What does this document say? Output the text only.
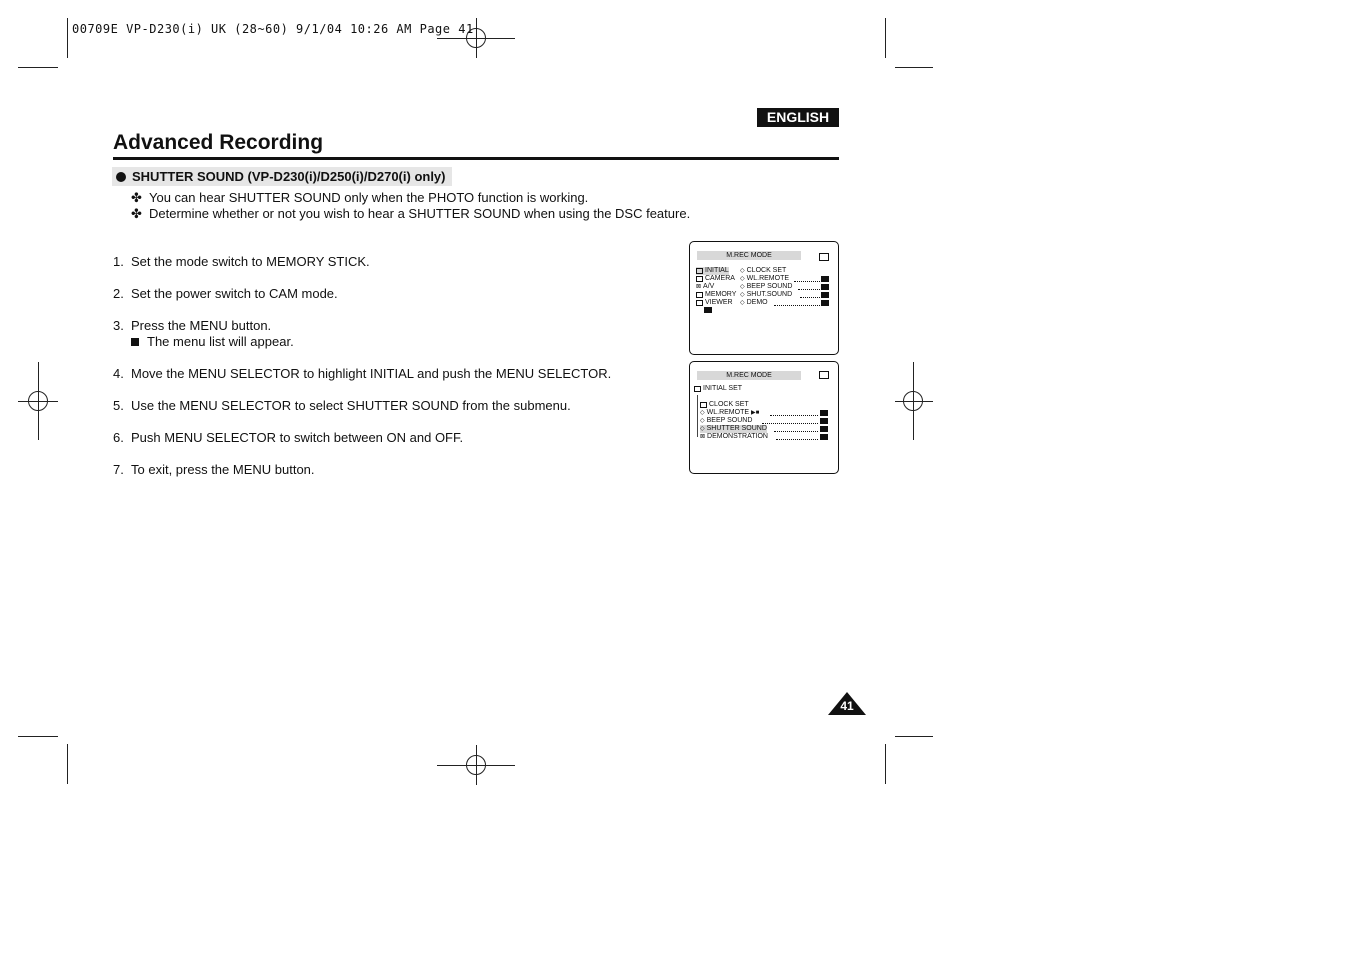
00709E VP-D230(i) UK (28~60) 9/1/04 10:26 AM Page 41
ENGLISH
Advanced Recording
SHUTTER SOUND (VP-D230(i)/D250(i)/D270(i) only)
✤ You can hear SHUTTER SOUND only when the PHOTO function is working.
✤ Determine whether or not you wish to hear a SHUTTER SOUND when using the DSC feature.
1. Set the mode switch to MEMORY STICK.
2. Set the power switch to CAM mode.
3. Press the MENU button.
The menu list will appear.
4. Move the MENU SELECTOR to highlight INITIAL and push the MENU SELECTOR.
5. Use the MENU SELECTOR to select SHUTTER SOUND from the submenu.
6. Push MENU SELECTOR to switch between ON and OFF.
7. To exit, press the MENU button.
M.REC MODE
INITIAL
CAMERA
⊠ A/V
MEMORY
VIEWER
◇ CLOCK SET
◇ WL.REMOTE
◇ BEEP SOUND
◇ SHUT.SOUND
◇ DEMO
M.REC MODE
INITIAL SET
CLOCK SET
◇ WL.REMOTE ▶■
◇ BEEP SOUND
◇ SHUTTER SOUND
⊠ DEMONSTRATION
41
